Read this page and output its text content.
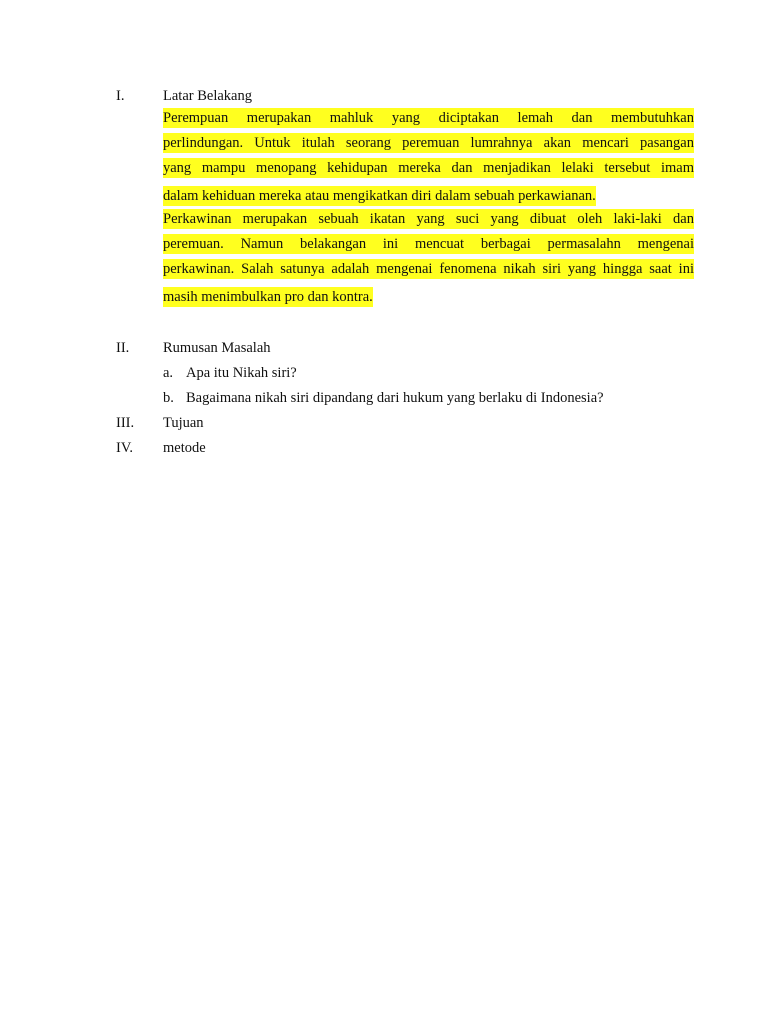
I.	Latar Belakang
Perempuan merupakan mahluk yang diciptakan lemah dan membutuhkan
perlindungan. Untuk itulah seorang peremuan lumrahnya akan mencari pasangan
yang mampu menopang kehidupan mereka dan menjadikan lelaki tersebut imam
dalam kehiduan mereka atau mengikatkan diri dalam sebuah perkawianan.
Perkawinan merupakan sebuah ikatan yang suci yang dibuat oleh laki-laki dan
peremuan. Namun belakangan ini mencuat berbagai permasalahn mengenai
perkawinan. Salah satunya adalah mengenai fenomena nikah siri yang hingga saat ini
masih menimbulkan pro dan kontra.
II. Rumusan Masalah
a. Apa itu Nikah siri?
b. Bagaimana nikah siri dipandang dari hukum yang berlaku di Indonesia?
III. Tujuan
IV. metode
